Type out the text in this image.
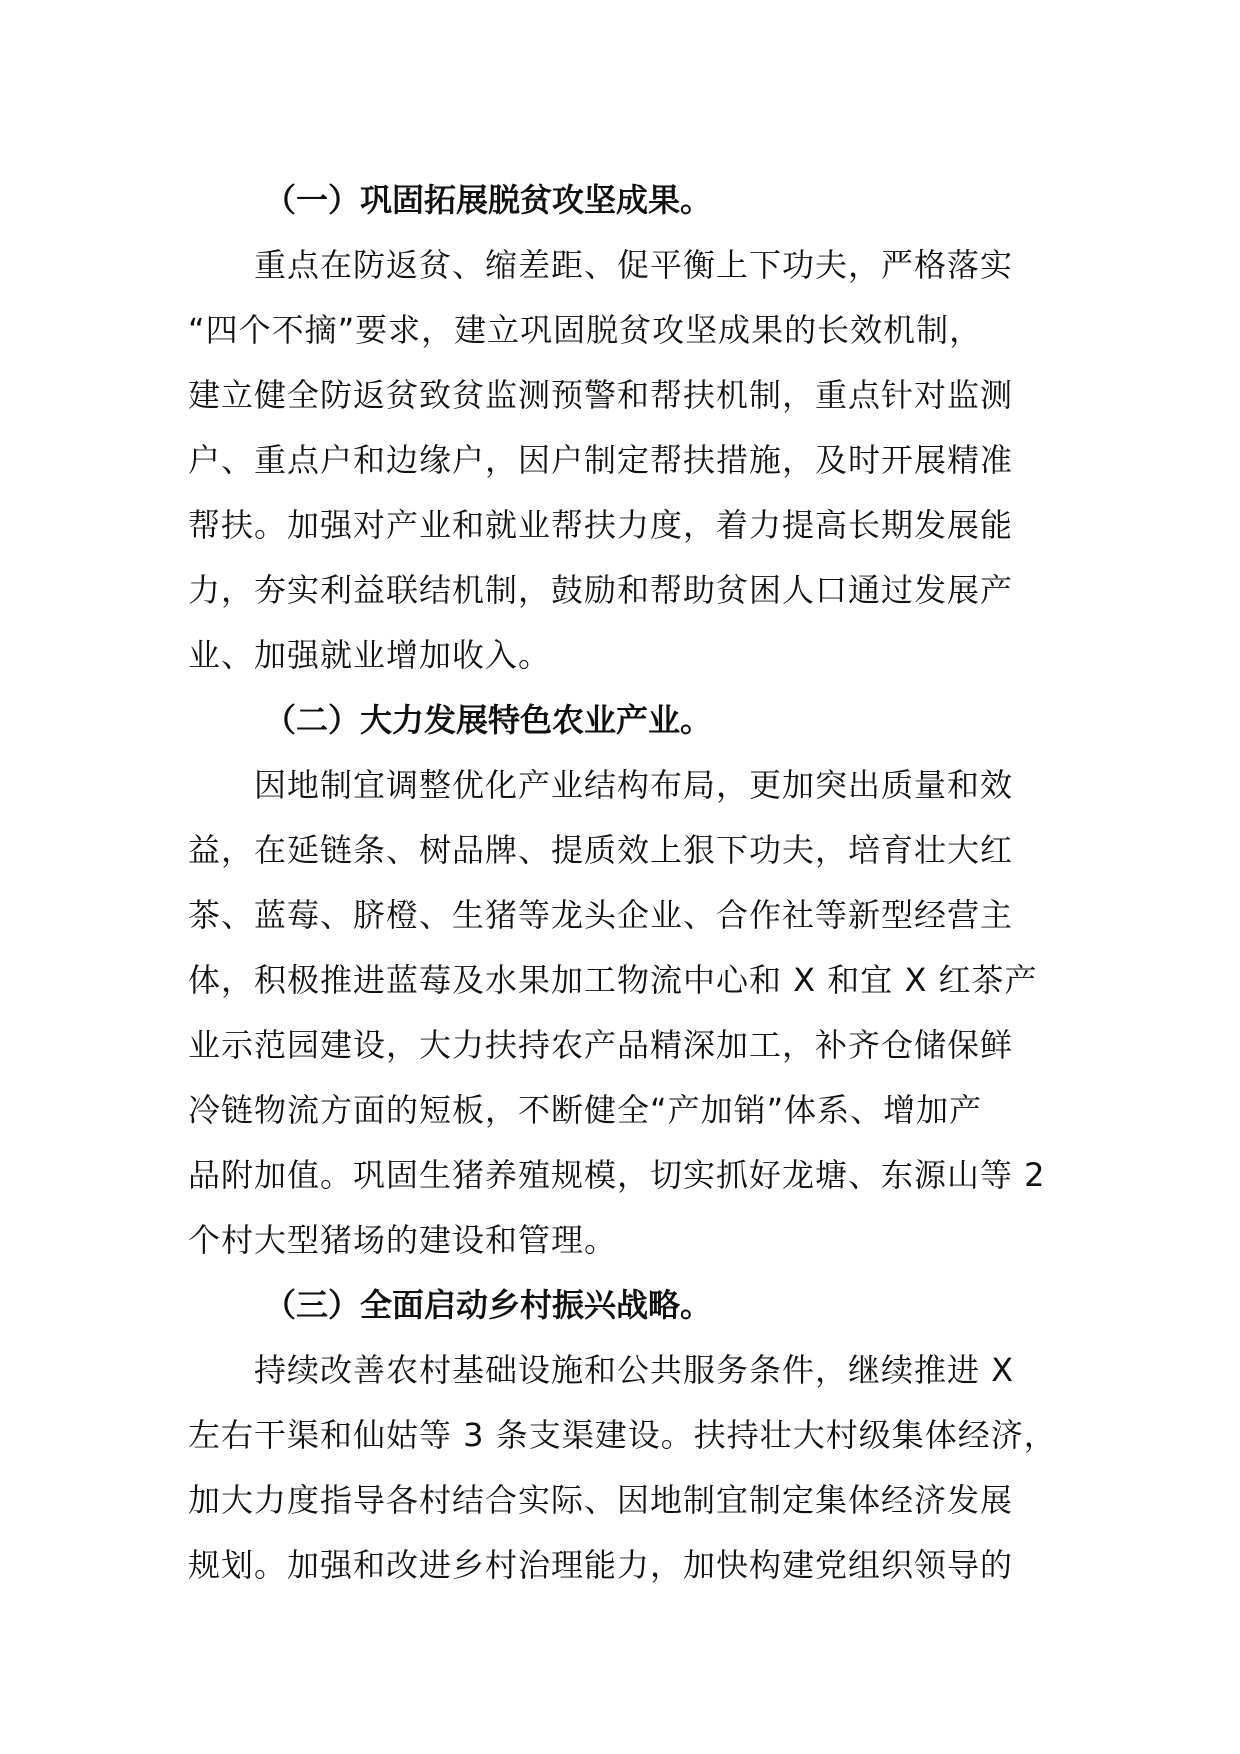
（一）巩固拓展脱贫攻坚成果。
重点在防返贫、缩差距、促平衡上下功夫，严格落实
“四个不摘”要求，建立巩固脱贫攻坚成果的长效机制，
建立健全防返贫致贫监测预警和帮扶机制，重点针对监测
户、重点户和边缘户，因户制定帮扶措施，及时开展精准
帮扶。加强对产业和就业帮扶力度，着力提高长期发展能
力，夯实利益联结机制，鼓励和帮助贫困人口通过发展产
业、加强就业增加收入。
（二）大力发展特色农业产业。
因地制宜调整优化产业结构布局，更加突出质量和效
益，在延链条、树品牌、提质效上狠下功夫，培育壮大红
茶、蓝莓、脐橙、生猪等龙头企业、合作社等新型经营主
体，积极推进蓝莓及水果加工物流中心和 X 和宜 X 红茶产
业示范园建设，大力扶持农产品精深加工，补齐仓储保鲜
冷链物流方面的短板，不断健全“产加销”体系、增加产
品附加值。巩固生猪养殖规模，切实抓好龙塘、东源山等 2
个村大型猪场的建设和管理。
（三）全面启动乡村振兴战略。
持续改善农村基础设施和公共服务条件，继续推进 X
左右干渠和仙姑等 3 条支渠建设。扶持壮大村级集体经济，
加大力度指导各村结合实际、因地制宜制定集体经济发展
规划。加强和改进乡村治理能力，加快构建党组织领导的
